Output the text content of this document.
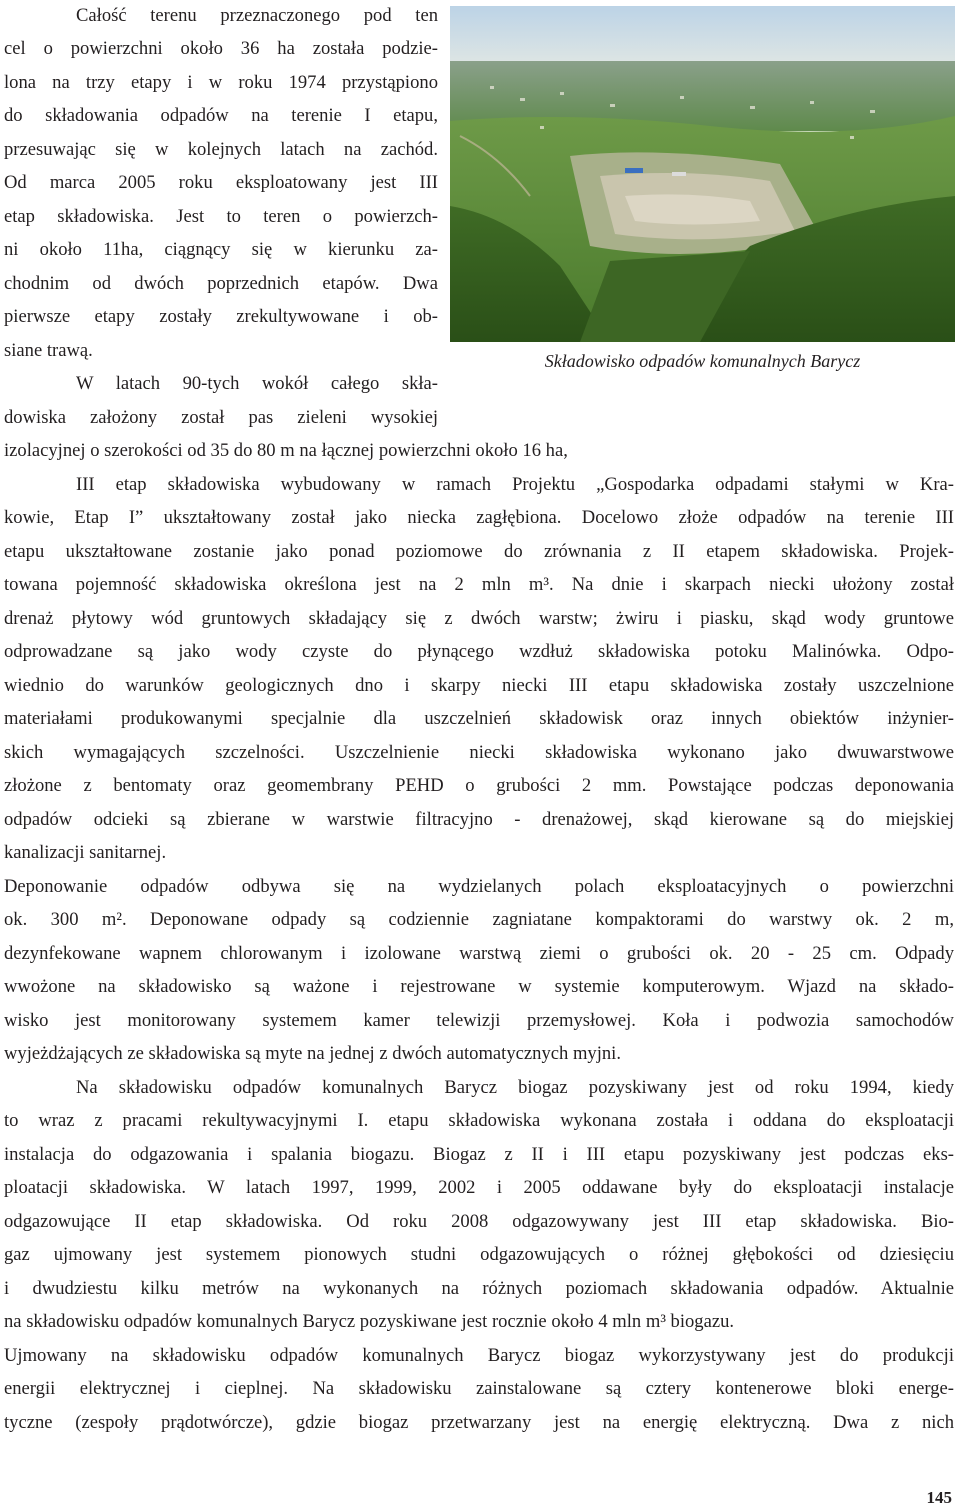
Składowisko odpadów komunalnych Barycz
Całość terenu przeznaczonego pod ten
cel o powierzchni około 36 ha została podzie-
lona na trzy etapy i w roku 1974 przystąpiono
do składowania odpadów na terenie I etapu,
przesuwając się w kolejnych latach na zachód.
Od marca 2005 roku eksploatowany jest III
etap składowiska. Jest to teren o powierzch-
ni około 11ha, ciągnący się w kierunku za-
chodnim od dwóch poprzednich etapów. Dwa
pierwsze etapy zostały zrekultywowane i ob-
siane trawą.
W latach 90-tych wokół całego skła-
dowiska założony został pas zieleni wysokiej
izolacyjnej o szerokości od 35 do 80 m na łącznej powierzchni około 16 ha,
III etap składowiska wybudowany w ramach Projektu „Gospodarka odpadami stałymi w Kra-
kowie, Etap I” ukształtowany został jako niecka zagłębiona. Docelowo złoże odpadów na terenie III
etapu ukształtowane zostanie jako ponad poziomowe do zrównania z II etapem składowiska. Projek-
towana pojemność składowiska określona jest na 2 mln m³. Na dnie i skarpach niecki ułożony został
drenaż płytowy wód gruntowych składający się z dwóch warstw; żwiru i piasku, skąd wody gruntowe
odprowadzane są jako wody czyste do płynącego wzdłuż składowiska potoku Malinówka. Odpo-
wiednio do warunków geologicznych dno i skarpy niecki III etapu składowiska zostały uszczelnione
materiałami produkowanymi specjalnie dla uszczelnień składowisk oraz innych obiektów inżynier-
skich wymagających szczelności. Uszczelnienie niecki składowiska wykonano jako dwuwarstwowe
złożone z bentomaty oraz geomembrany PEHD o grubości 2 mm. Powstające podczas deponowania
odpadów odcieki są zbierane w warstwie filtracyjno - drenażowej, skąd kierowane są do miejskiej
kanalizacji sanitarnej.
Deponowanie odpadów odbywa się na wydzielanych polach eksploatacyjnych o powierzchni
ok. 300 m². Deponowane odpady są codziennie zagniatane kompaktorami do warstwy ok. 2 m,
dezynfekowane wapnem chlorowanym i izolowane warstwą ziemi o grubości ok. 20 - 25 cm. Odpady
wwożone na składowisko są ważone i rejestrowane w systemie komputerowym. Wjazd na składo-
wisko jest monitorowany systemem kamer telewizji przemysłowej. Koła i podwozia samochodów
wyjeżdżających ze składowiska są myte na jednej z dwóch automatycznych myjni.
Na składowisku odpadów komunalnych Barycz biogaz pozyskiwany jest od roku 1994, kiedy
to wraz z pracami rekultywacyjnymi I. etapu składowiska wykonana została i oddana do eksploatacji
instalacja do odgazowania i spalania biogazu. Biogaz z II i III etapu pozyskiwany jest podczas eks-
ploatacji składowiska. W latach 1997, 1999, 2002 i 2005 oddawane były do eksploatacji instalacje
odgazowujące II etap składowiska. Od roku 2008 odgazowywany jest III etap składowiska. Bio-
gaz ujmowany jest systemem pionowych studni odgazowujących o różnej głębokości od dziesięciu
i dwudziestu kilku metrów na wykonanych na różnych poziomach składowania odpadów. Aktualnie
na składowisku odpadów komunalnych Barycz pozyskiwane jest rocznie około 4 mln m³ biogazu.
Ujmowany na składowisku odpadów komunalnych Barycz biogaz wykorzystywany jest do produkcji
energii elektrycznej i cieplnej. Na składowisku zainstalowane są cztery kontenerowe bloki energe-
tyczne (zespoły prądotwórcze), gdzie biogaz przetwarzany jest na energię elektryczną. Dwa z nich
145
